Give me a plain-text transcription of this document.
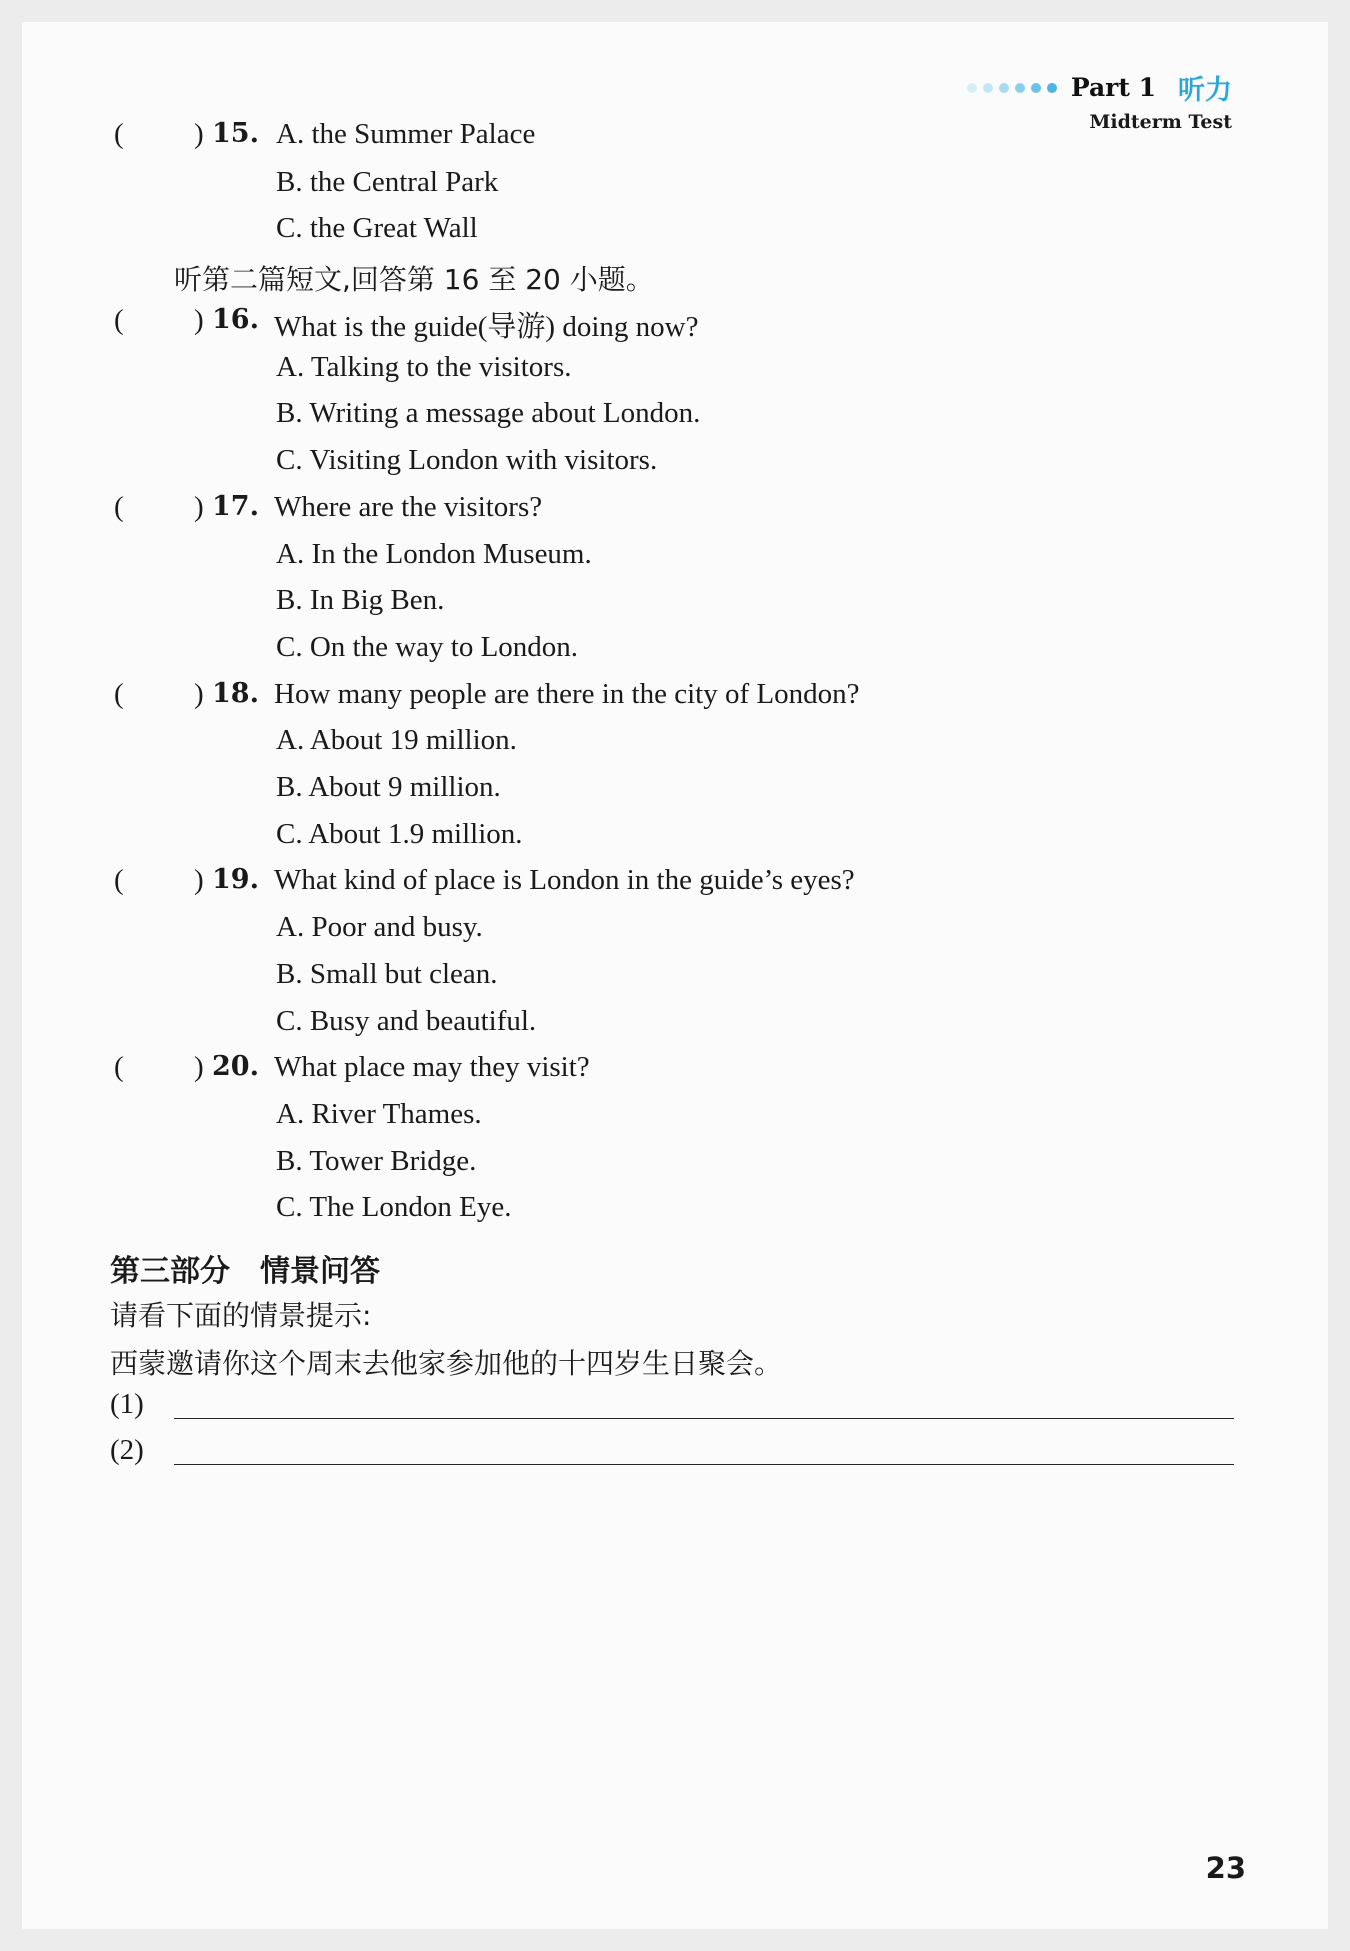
Part 1 听力
Midterm Test
( ) 15. A. the Summer Palace
B. the Central Park
C. the Great Wall
听第二篇短文,回答第 16 至 20 小题。
( ) 16. What is the guide(导游) doing now?
A. Talking to the visitors.
B. Writing a message about London.
C. Visiting London with visitors.
( ) 17. Where are the visitors?
A. In the London Museum.
B. In Big Ben.
C. On the way to London.
( ) 18. How many people are there in the city of London?
A. About 19 million.
B. About 9 million.
C. About 1.9 million.
( ) 19. What kind of place is London in the guide’s eyes?
A. Poor and busy.
B. Small but clean.
C. Busy and beautiful.
( ) 20. What place may they visit?
A. River Thames.
B. Tower Bridge.
C. The London Eye.
第三部分　情景问答
请看下面的情景提示:
西蒙邀请你这个周末去他家参加他的十四岁生日聚会。
(1)
(2)
23
